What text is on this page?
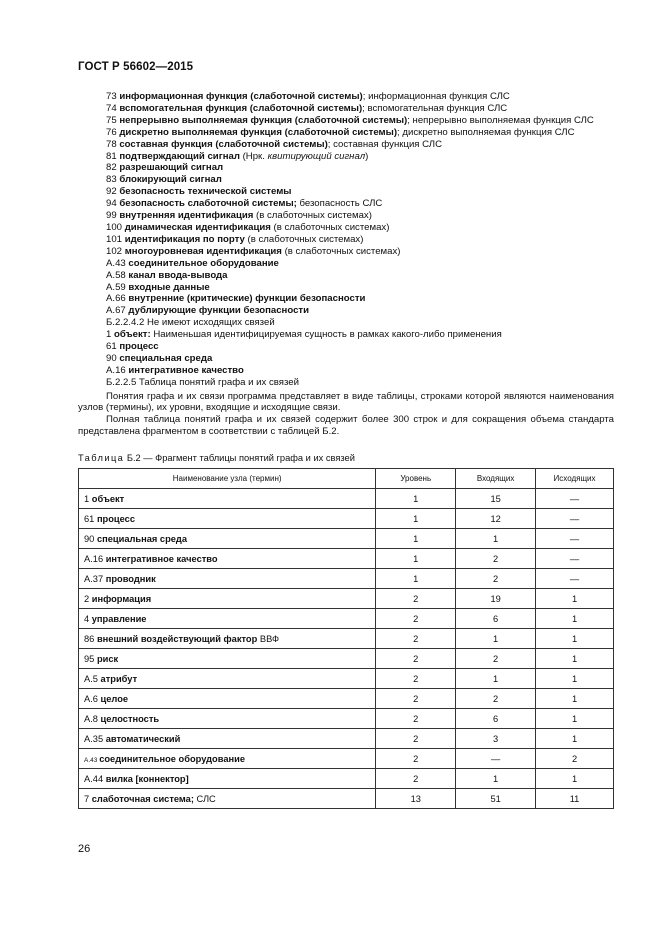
ГОСТ Р 56602—2015
73 информационная функция (слаботочной системы); информационная функция СЛС
74 вспомогательная функция (слаботочной системы); вспомогательная функция СЛС
75 непрерывно выполняемая функция (слаботочной системы); непрерывно выполняемая функция СЛС
76 дискретно выполняемая функция (слаботочной системы); дискретно выполняемая функция СЛС
78 составная функция (слаботочной системы); составная функция СЛС
81 подтверждающий сигнал (Нрк. квитирующий сигнал)
82 разрешающий сигнал
83 блокирующий сигнал
92 безопасность технической системы
94 безопасность слаботочной системы; безопасность СЛС
99 внутренняя идентификация (в слаботочных системах)
100 динамическая идентификация (в слаботочных системах)
101 идентификация по порту (в слаботочных системах)
102 многоуровневая идентификация (в слаботочных системах)
А.43 соединительное оборудование
А.58 канал ввода-вывода
А.59 входные данные
А.66 внутренние (критические) функции безопасности
А.67 дублирующие функции безопасности
Б.2.2.4.2 Не имеют исходящих связей
1 объект: Наименьшая идентифицируемая сущность в рамках какого-либо применения
61 процесс
90 специальная среда
А.16 интегративное качество
Б.2.2.5 Таблица понятий графа и их связей
Понятия графа и их связи программа представляет в виде таблицы, строками которой являются наименования узлов (термины), их уровни, входящие и исходящие связи.
Полная таблица понятий графа и их связей содержит более 300 строк и для сокращения объема стандарта представлена фрагментом в соответствии с таблицей Б.2.
Таблица Б.2 — Фрагмент таблицы понятий графа и их связей
Наименование узла (термин)	Уровень	Входящих	Исходящих
1 объект	1	15	—
61 процесс	1	12	—
90 специальная среда	1	1	—
А.16 интегративное качество	1	2	—
А.37 проводник	1	2	—
2 информация	2	19	1
4 управление	2	6	1
86 внешний воздействующий фактор ВВФ	2	1	1
95 риск	2	2	1
А.5 атрибут	2	1	1
А.6 целое	2	2	1
А.8 целостность	2	6	1
А.35 автоматический	2	3	1
А.43 соединительное оборудование	2	—	2
А.44 вилка [коннектор]	2	1	1
7 слаботочная система; СЛС	13	51	11
26
